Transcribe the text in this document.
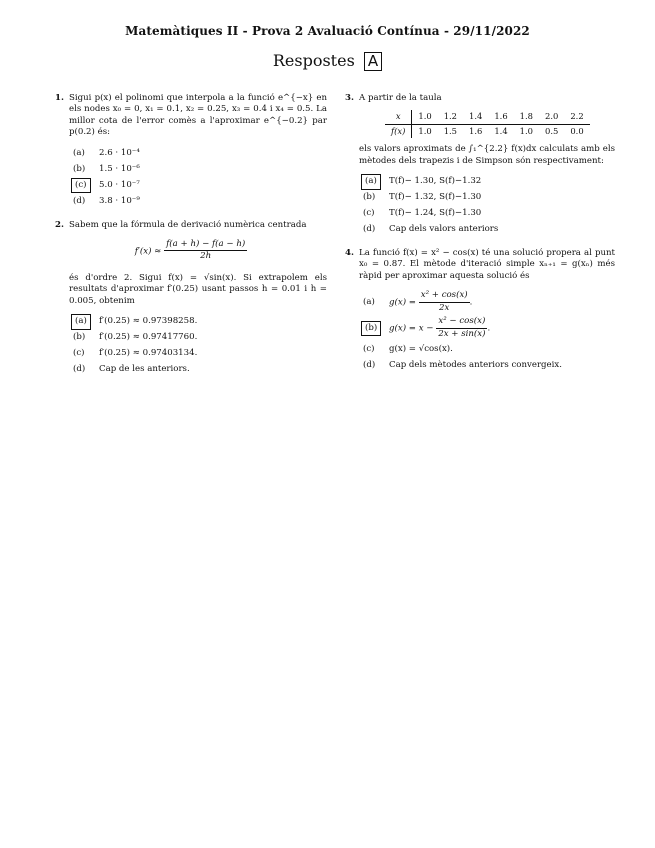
Matemàtiques II - Prova 2 Avaluació Contínua - 29/11/2022
Respostes A
1. Sigui p(x) el polinomi que interpola a la funció e^{−x} en els nodes x₀ = 0, x₁ = 0.1, x₂ = 0.25, x₃ = 0.4 i x₄ = 0.5. La millor cota de l'error comès a l'aproximar e^{−0.2} par p(0.2) és:
(a)	2.6 · 10⁻⁴
(b)	1.5 · 10⁻⁶
(c)	5.0 · 10⁻⁷
(d)	3.8 · 10⁻⁹
2. Sabem que la fórmula de derivació numèrica centrada
$f'(x) \approx \frac{f(a + h) - f(a - h)}{2h}$
és d'ordre 2. Sigui f(x) = √sin(x). Si extrapolem els resultats d'aproximar f′(0.25) usant passos h = 0.01 i h = 0.005, obtenim
(a)	f′(0.25) ≈ 0.97398258.
(b)	f′(0.25) ≈ 0.97417760.
(c)	f′(0.25) ≈ 0.97403134.
(d)	Cap de les anteriors.
3. A partir de la taula
x	1.0	1.2	1.4	1.6	1.8	2.0	2.2
f(x)	1.0	1.5	1.6	1.4	1.0	0.5	0.0
els valors aproximats de ∫₁^{2.2} f(x)dx calculats amb els mètodes dels trapezis i de Simpson són respectivament:
(a)	T(f)− 1.30, S(f)−1.32
(b)	T(f)− 1.32, S(f)−1.30
(c)	T(f)− 1.24, S(f)−1.30
(d)	Cap dels valors anteriors
4. La funció f(x) = x² − cos(x) té una solució propera al punt x₀ = 0.87. El mètode d'iteració simple xₙ₊₁ = g(xₙ) més ràpid per aproximar aquesta solució és
(a)	$g(x) = \frac{\text{x² + cos(x)}}{2x}$ .
(b)	$g(x) = x - \frac{\text{x² − cos(x)}}{2x + \sin(x)}$ .
(c)	g(x) = √cos(x).
(d)	Cap dels mètodes anteriors convergeix.
